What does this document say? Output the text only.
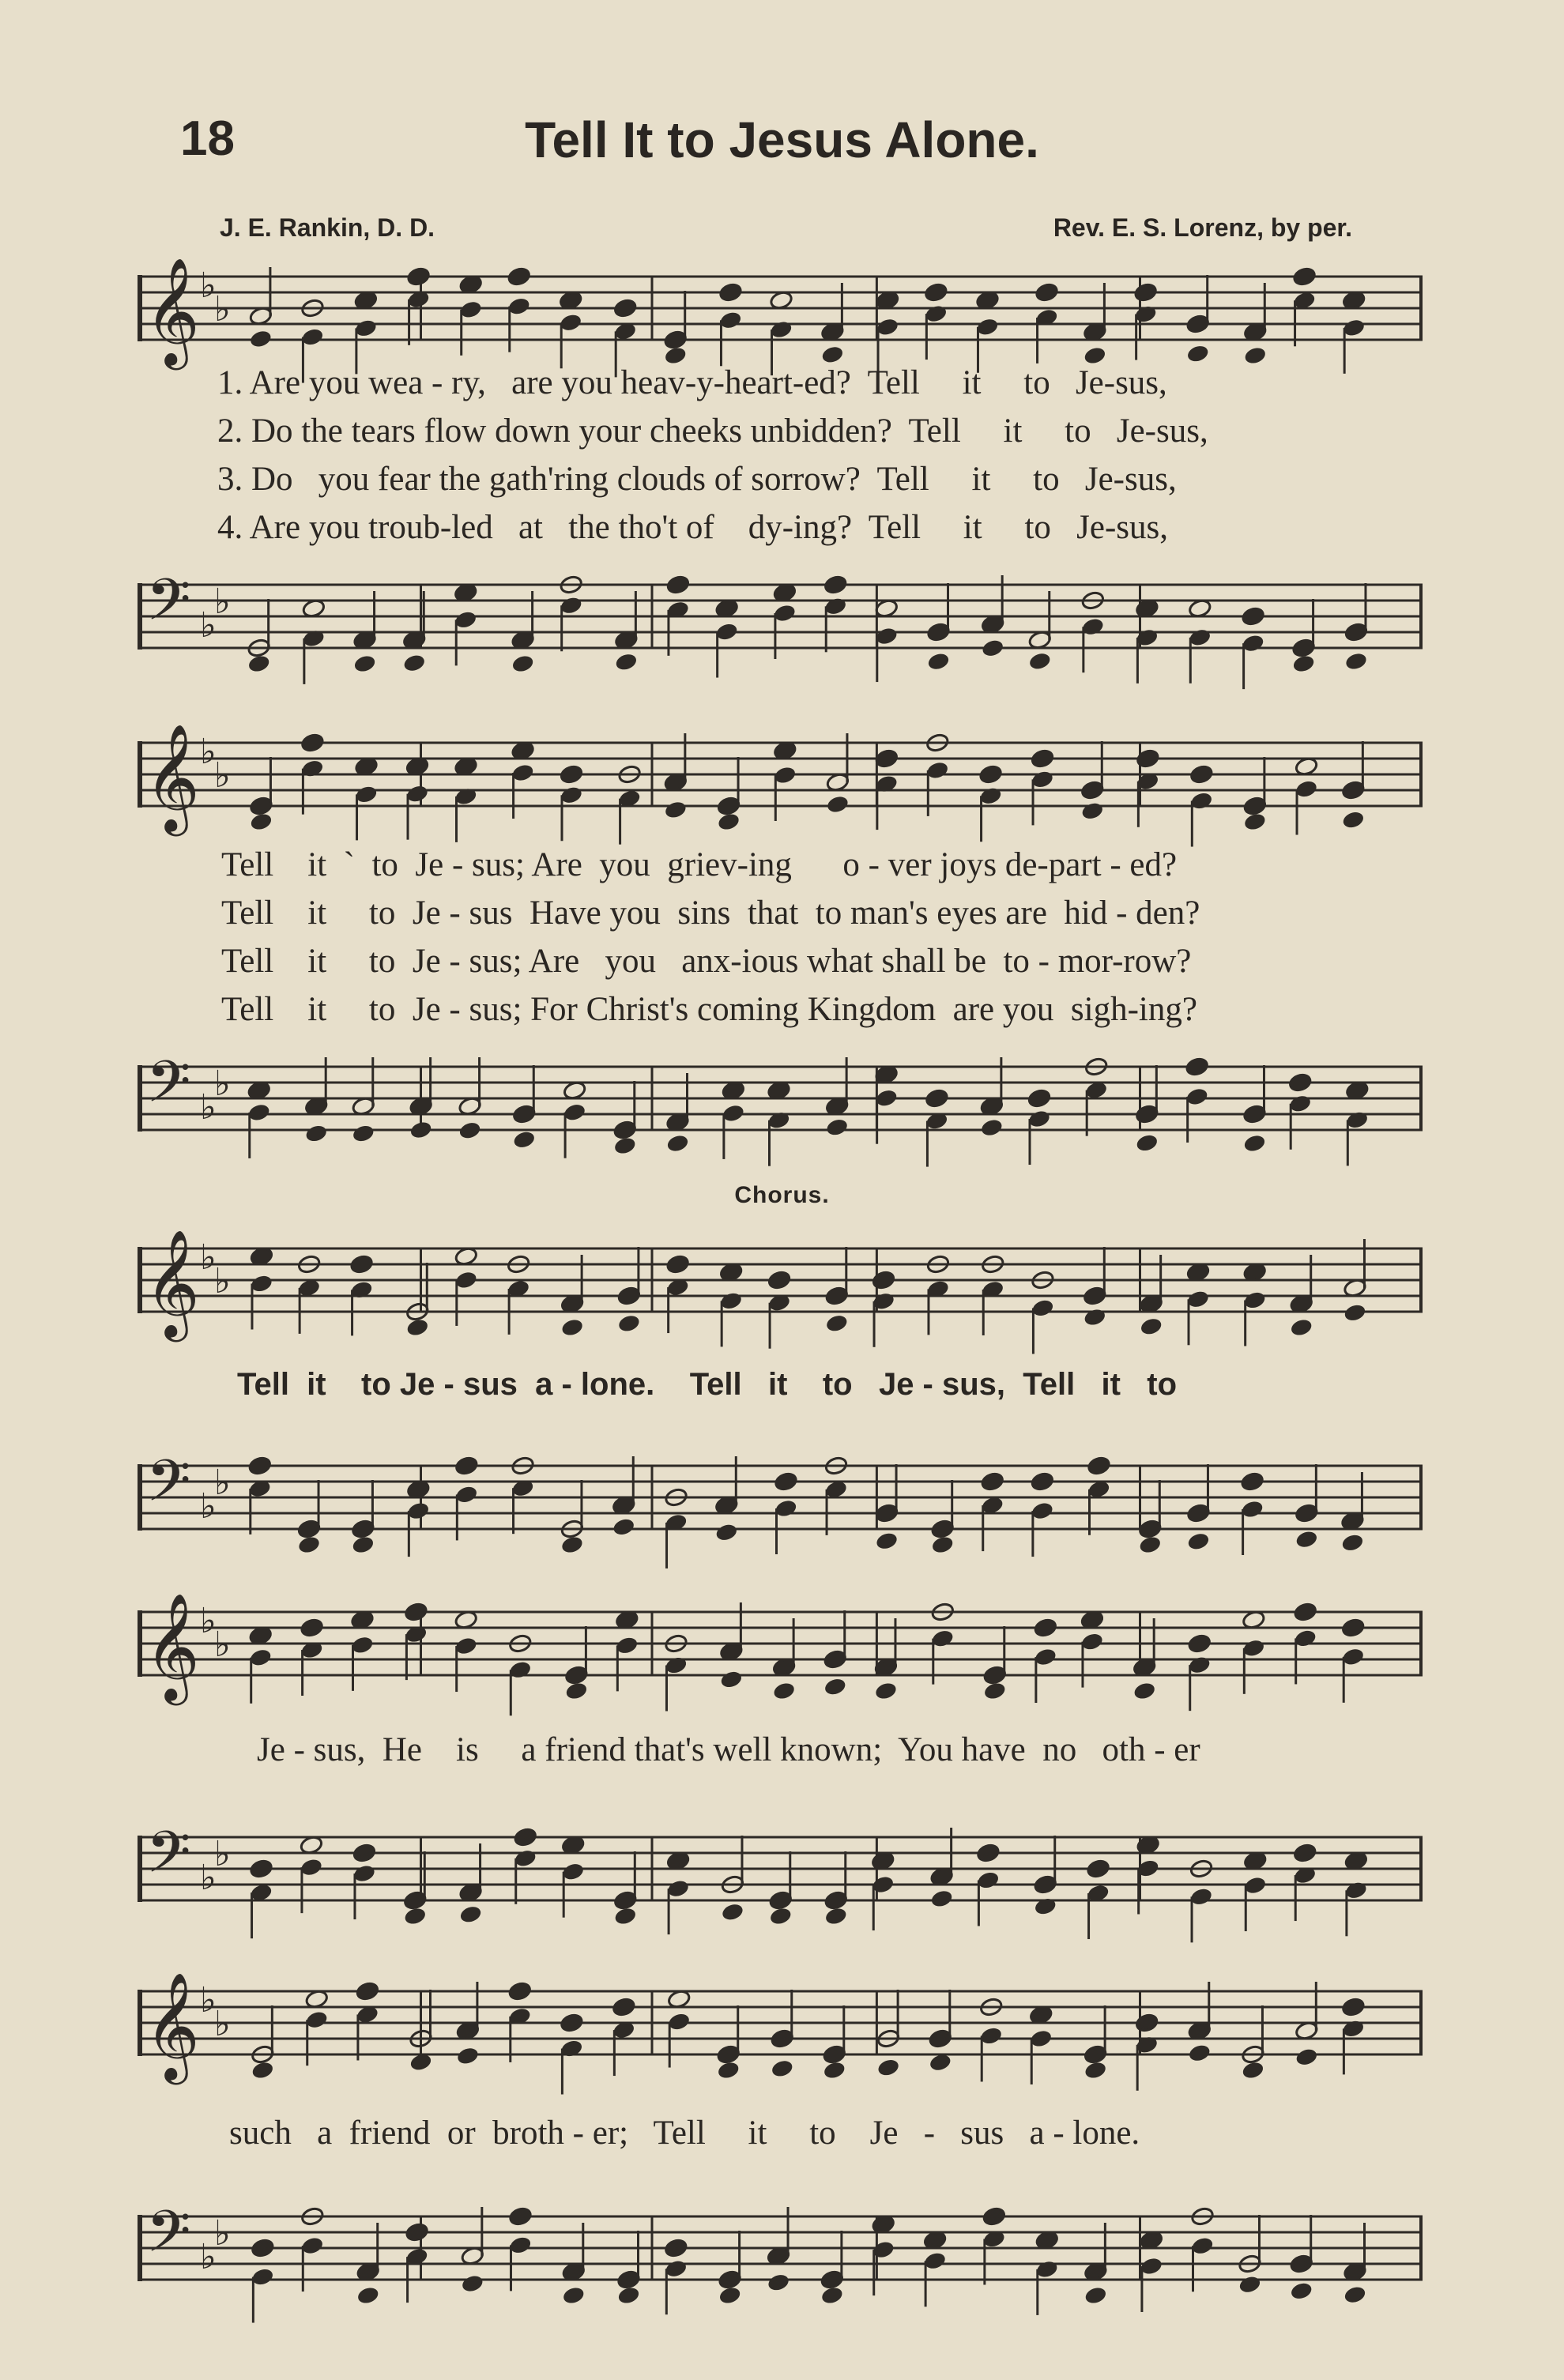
18	Tell It to Jesus Alone.
J. E. Rankin, D. D.	Rev. E. S. Lorenz, by per.
𝄞 ♭
♭
1. Are you wea - ry,   are you heav-y-heart-ed?  Tell     it     to   Je-sus,
2. Do the tears flow down your cheeks unbidden?  Tell     it     to   Je-sus,
3. Do   you fear the gath'ring clouds of sorrow?  Tell     it     to   Je-sus,
4. Are you troub-led   at   the tho't of    dy-ing?  Tell     it     to   Je-sus,
𝄢 ♭
♭
𝄞 ♭
♭
Tell    it  `  to  Je - sus; Are  you  griev-ing      o - ver joys de-part - ed?
Tell    it     to  Je - sus  Have you  sins  that  to man's eyes are  hid - den?
Tell    it     to  Je - sus; Are   you   anx-ious what shall be  to - mor-row?
Tell    it     to  Je - sus; For Christ's coming Kingdom  are you  sigh-ing?
𝄢 ♭
♭
Chorus.
𝄞 ♭
♭
Tell  it    to Je - sus  a - lone.    Tell   it    to   Je - sus,  Tell   it   to
𝄢 ♭
♭
𝄞 ♭
♭
Je - sus,  He    is     a friend that's well known;  You have  no   oth - er
𝄢 ♭
♭
𝄞 ♭
♭
such   a  friend  or  broth - er;   Tell     it     to    Je   -   sus   a - lone.
𝄢 ♭
♭
